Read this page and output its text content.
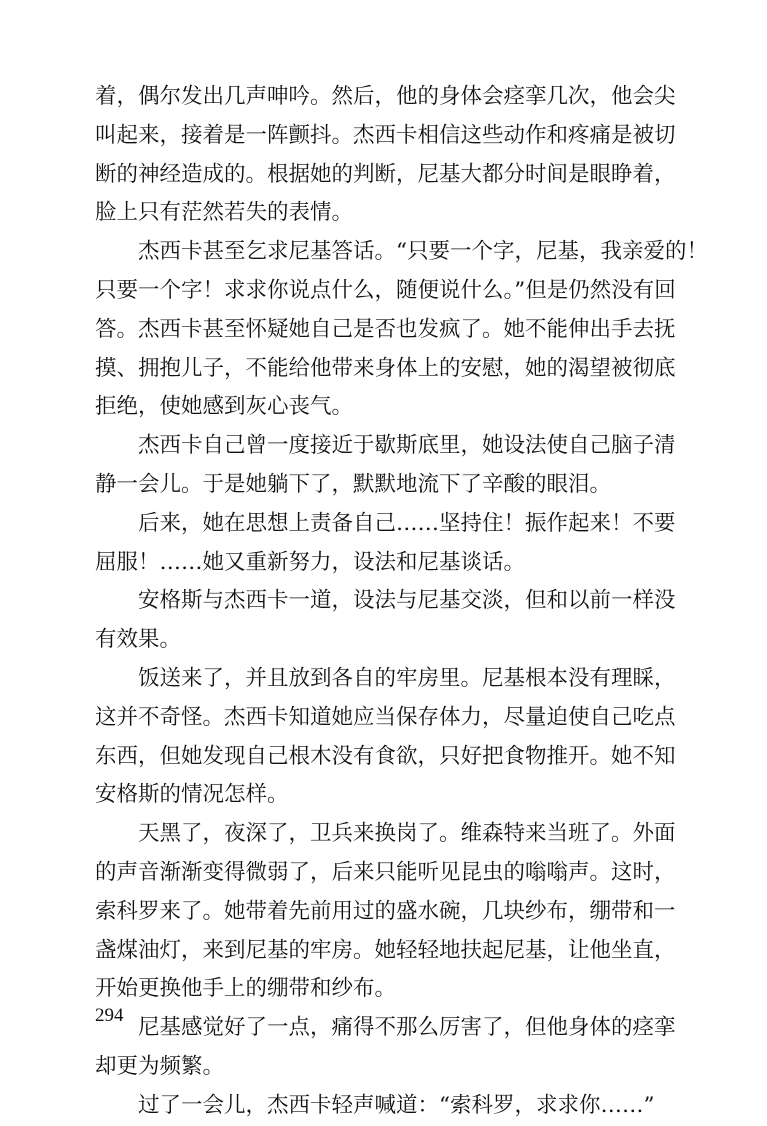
着，偶尔发出几声呻吟。然后，他的身体会痉挛几次，他会尖
叫起来，接着是一阵颤抖。杰西卡相信这些动作和疼痛是被切
断的神经造成的。根据她的判断，尼基大都分时间是眼睁着，
脸上只有茫然若失的表情。
杰西卡甚至乞求尼基答话。“只要一个字，尼基，我亲爱的！
只要一个字！求求你说点什么，随便说什么。”但是仍然没有回
答。杰西卡甚至怀疑她自己是否也发疯了。她不能伸出手去抚
摸、拥抱儿子，不能给他带来身体上的安慰，她的渴望被彻底
拒绝，使她感到灰心丧气。
杰西卡自己曾一度接近于歇斯底里，她设法使自己脑子清
静一会儿。于是她躺下了，默默地流下了辛酸的眼泪。
后来，她在思想上责备自己……坚持住！振作起来！不要
屈服！……她又重新努力，设法和尼基谈话。
安格斯与杰西卡一道，设法与尼基交淡，但和以前一样没
有效果。
饭送来了，并且放到各自的牢房里。尼基根本没有理睬，
这并不奇怪。杰西卡知道她应当保存体力，尽量迫使自己吃点
东西，但她发现自己根木没有食欲，只好把食物推开。她不知
安格斯的情况怎样。
天黑了，夜深了，卫兵来换岗了。维森特来当班了。外面
的声音渐渐变得微弱了，后来只能听见昆虫的嗡嗡声。这时，
索科罗来了。她带着先前用过的盛水碗，几块纱布，绷带和一
盏煤油灯，来到尼基的牢房。她轻轻地扶起尼基，让他坐直，
开始更换他手上的绷带和纱布。
尼基感觉好了一点，痛得不那么厉害了，但他身体的痉挛
却更为频繁。
过了一会儿，杰西卡轻声喊道：“索科罗，求求你……”
294
